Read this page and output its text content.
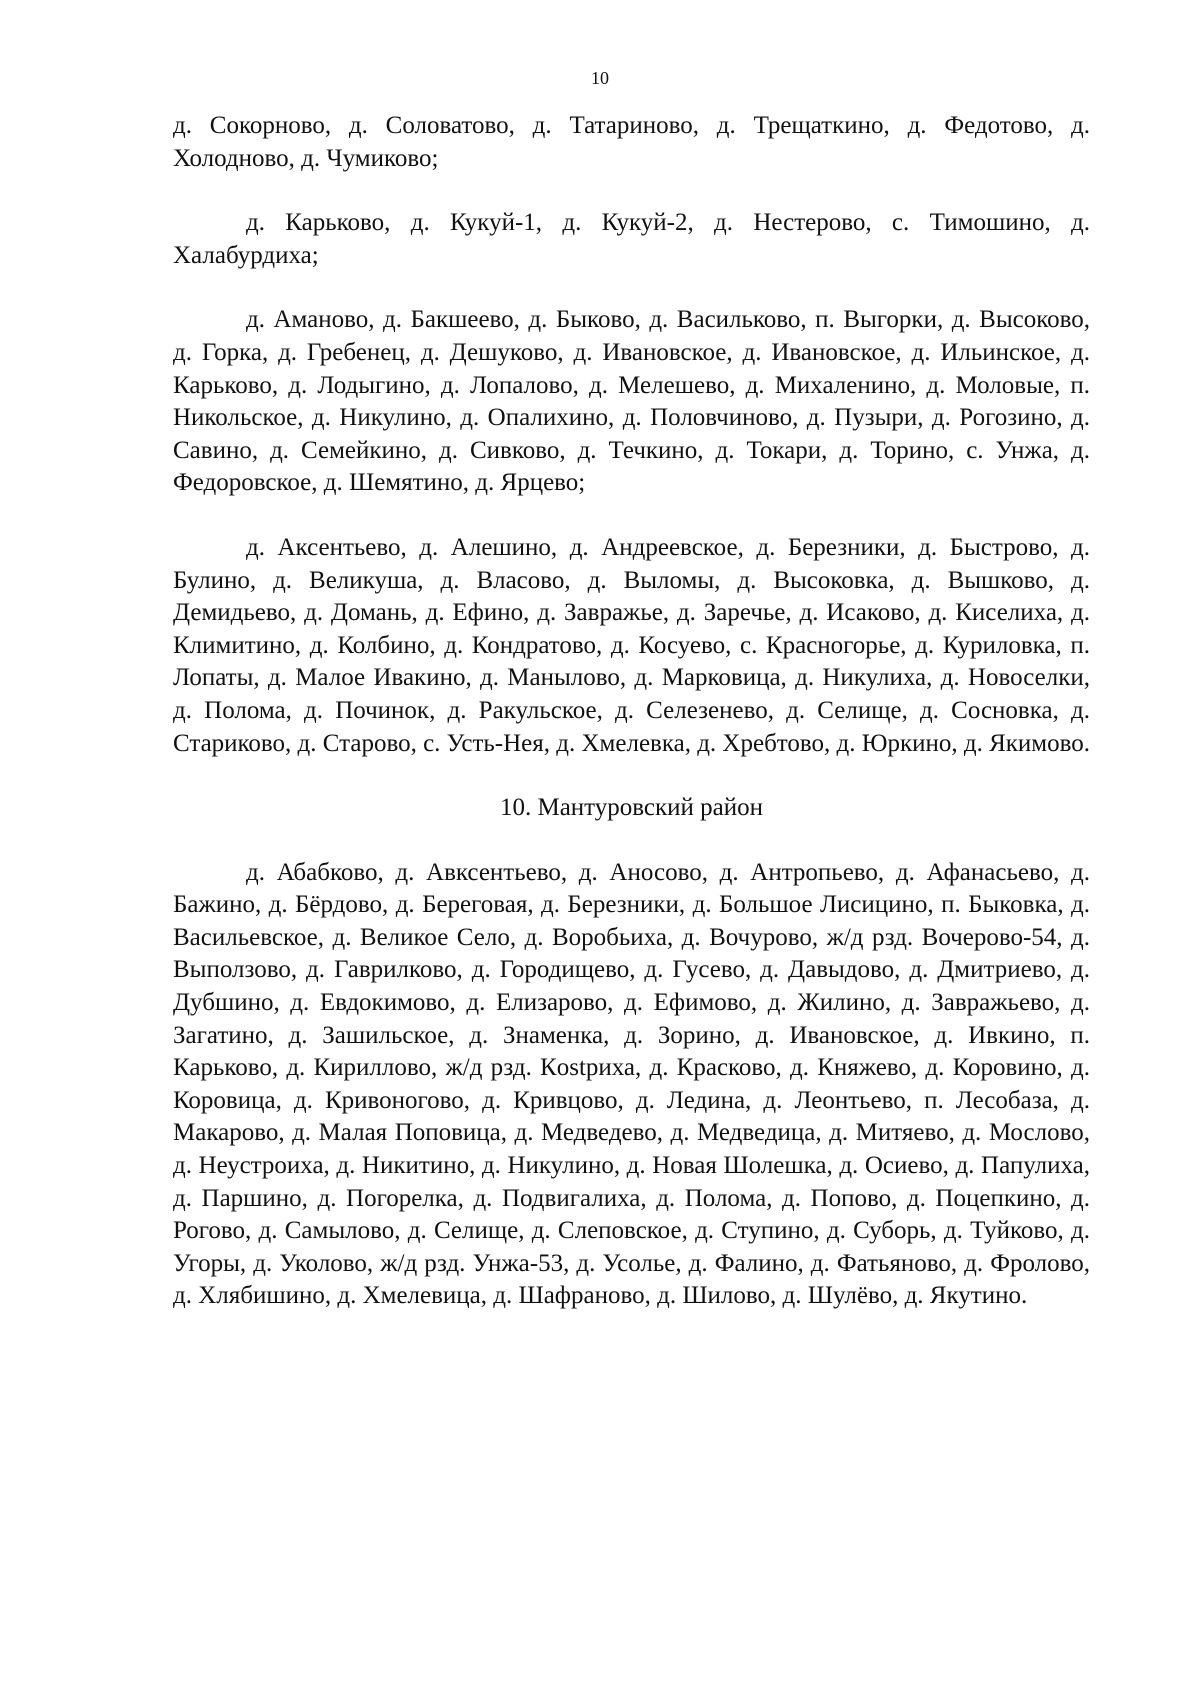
10

д. Сокорново, д. Соловатово, д. Татариново, д. Трещаткино, д. Федотово, д. Холодново, д. Чумиково;

д. Карьково, д. Кукуй-1, д. Кукуй-2, д. Нестерово, с. Тимошино, д. Халабурдиха;

д. Аманово, д. Бакшеево, д. Быково, д. Васильково, п. Выгорки, д. Высоково, д. Горка, д. Гребенец, д. Дешуково, д. Ивановское, д. Ивановское, д. Ильинское, д. Карьково, д. Лодыгино, д. Лопалово, д. Мелешево, д. Михаленино, д. Моловые, п. Никольское, д. Никулино, д. Опалихино, д. Половчиново, д. Пузыри, д. Рогозино, д. Савино, д. Семейкино, д. Сивково, д. Течкино, д. Токари, д. Торино, с. Унжа, д. Федоровское, д. Шемятино, д. Ярцево;

д. Аксентьево, д. Алешино, д. Андреевское, д. Березники, д. Быстрово, д. Булино, д. Великуша, д. Власово, д. Выломы, д. Высоковка, д. Вышково, д. Демидьево, д. Домань, д. Ефино, д. Завражье, д. Заречье, д. Исаково, д. Киселиха, д. Климитино, д. Колбино, д. Кондратово, д. Косуево, с. Красногорье, д. Куриловка, п. Лопаты, д. Малое Ивакино, д. Манылово, д. Марковица, д. Никулиха, д. Новоселки, д. Полома, д. Починок, д. Ракульское, д. Селезенево, д. Селище, д. Сосновка, д. Стариково, д. Старово, с. Усть-Нея, д. Хмелевка, д. Хребтово, д. Юркино, д. Якимово.

10. Мантуровский район

д. Абабково, д. Авксентьево, д. Аносово, д. Антропьево, д. Афанасьево, д. Бажино, д. Бёрдово, д. Береговая, д. Березники, д. Большое Лисицино, п. Быковка, д. Васильевское, д. Великое Село, д. Воробьиха, д. Вочурово, ж/д рзд. Вочерово-54, д. Выползово, д. Гаврилково, д. Городищево, д. Гусево, д. Давыдово, д. Дмитриево, д. Дубшино, д. Евдокимово, д. Елизарово, д. Ефимово, д. Жилино, д. Завражьево, д. Загатино, д. Зашильское, д. Знаменка, д. Зорино, д. Ивановское, д. Ивкино, п. Карьково, д. Кириллово, ж/д рзд. Кostриха, д. Красково, д. Княжево, д. Коровино, д. Коровица, д. Кривоногово, д. Кривцово, д. Ледина, д. Леонтьево, п. Лесобаза, д. Макарово, д. Малая Поповица, д. Медведево, д. Медведица, д. Митяево, д. Мослово, д. Неустроиха, д. Никитино, д. Никулино, д. Новая Шолешка, д. Осиево, д. Папулиха, д. Паршино, д. Погорелка, д. Подвигалиха, д. Полома, д. Попово, д. Поцепкино, д. Рогово, д. Самылово, д. Селище, д. Слеповское, д. Ступино, д. Суборь, д. Туйково, д. Угоры, д. Уколово, ж/д рзд. Унжа-53, д. Усолье, д. Фалино, д. Фатьяново, д. Фролово, д. Хлябишино, д. Хмелевица, д. Шафраново, д. Шилово, д. Шулёво, д. Якутино.
